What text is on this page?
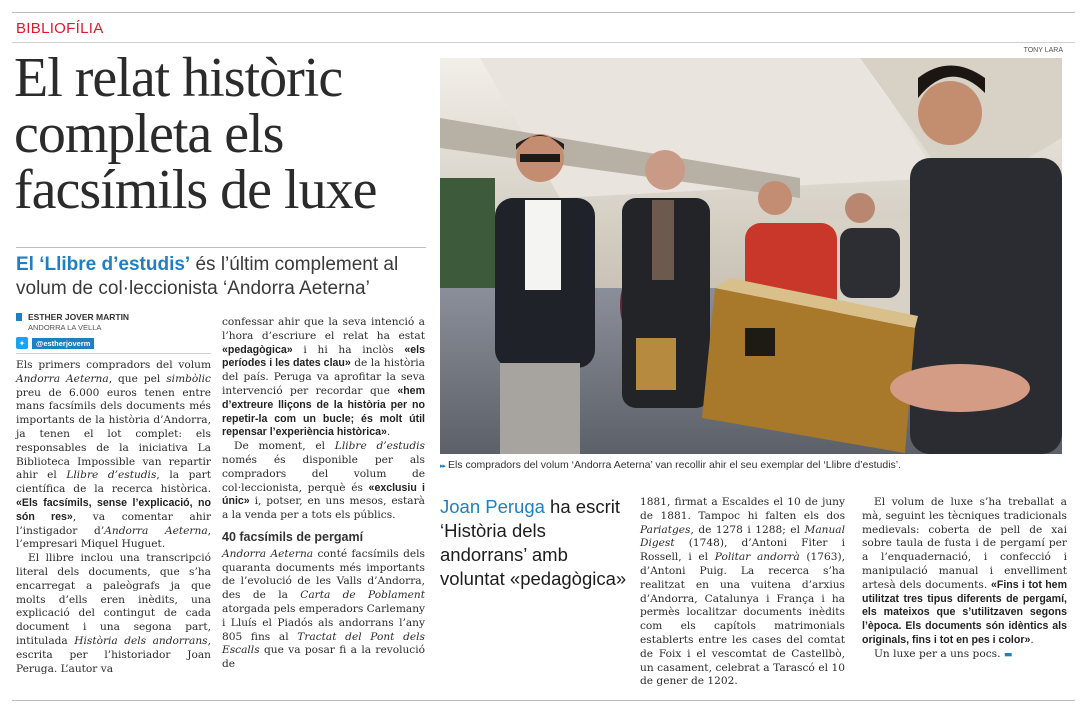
BIBLIOFÍLIA
El relat històric completa els facsímils de luxe
El ‘Llibre d’estudis’ és l’últim complement al volum de col·leccionista ‘Andorra Aeterna’
ESTHER JOVER MARTIN
ANDORRA LA VELLA
✦	@estherjoverm

Els primers compradors del volum Andorra Aeterna, que pel simbòlic preu de 6.000 euros tenen entre mans facsímils dels documents més importants de la història d’Andorra, ja tenen el lot complet: els responsables de la iniciativa La Biblioteca Impossible van repartir ahir el Llibre d’estudis, la part científica de la recerca històrica. «Els facsímils, sense l’explicació, no són res», va comentar ahir l’instigador d’Andorra Aeterna, l’empresari Miquel Huguet.

El llibre inclou una transcripció literal dels documents, que s’ha encarregat a paleògrafs ja que molts d’ells eren inèdits, una explicació del contingut de cada document i una segona part, intitulada Història dels andorrans, escrita per l’historiador Joan Peruga. L’autor va

confessar ahir que la seva intenció a l’hora d’escriure el relat ha estat «pedagògica» i hi ha inclòs «els períodes i les dates clau» de la història del país. Peruga va aprofitar la seva intervenció per recordar que «hem d’extreure lliçons de la història per no repetir-la com un bucle; és molt útil repensar l’experiència històrica».

De moment, el Llibre d’estudis només és disponible per als compradors del volum de col·leccionista, perquè és «exclusiu i únic» i, potser, en uns mesos, estarà a la venda per a tots els públics.

40 facsímils de pergamí

Andorra Aeterna conté facsímils dels quaranta documents més importants de l’evolució de les Valls d’Andorra, des de la Carta de Poblament atorgada pels emperadors Carlemany i Lluís el Piadós als andorrans l’any 805 fins al Tractat del Pont dels Escalls que va posar fi a la revolució de

TONY LARA
▸▸ Els compradors del volum ‘Andorra Aeterna’ van recollir ahir el seu exemplar del ‘Llibre d’estudis’.
Joan Peruga ha escrit ‘Història dels andorrans’ amb voluntat «pedagògica»

1881, firmat a Escaldes el 10 de juny de 1881. Tampoc hi falten els dos Pariatges, de 1278 i 1288; el Manual Digest (1748), d’Antoni Fiter i Rossell, i el Politar andorrà (1763), d’Antoni Puig. La recerca s’ha realitzat en una vuitena d’arxius d’Andorra, Catalunya i França i ha permès localitzar documents inèdits com els capítols matrimonials establerts entre les cases del comtat de Foix i el vescomtat de Castellbò, un casament, celebrat a Tarascó el 10 de gener de 1202.

El volum de luxe s’ha treballat a mà, seguint les tècniques tradicionals medievals: coberta de pell de xai sobre taula de fusta i de pergamí per a l’enquadernació, i confecció i manipulació manual i envelliment artesà dels documents. «Fins i tot hem utilitzat tres tipus diferents de pergamí, els mateixos que s’utilitzaven segons l’època. Els documents són idèntics als originals, fins i tot en pes i color».

Un luxe per a uns pocs. ▬
